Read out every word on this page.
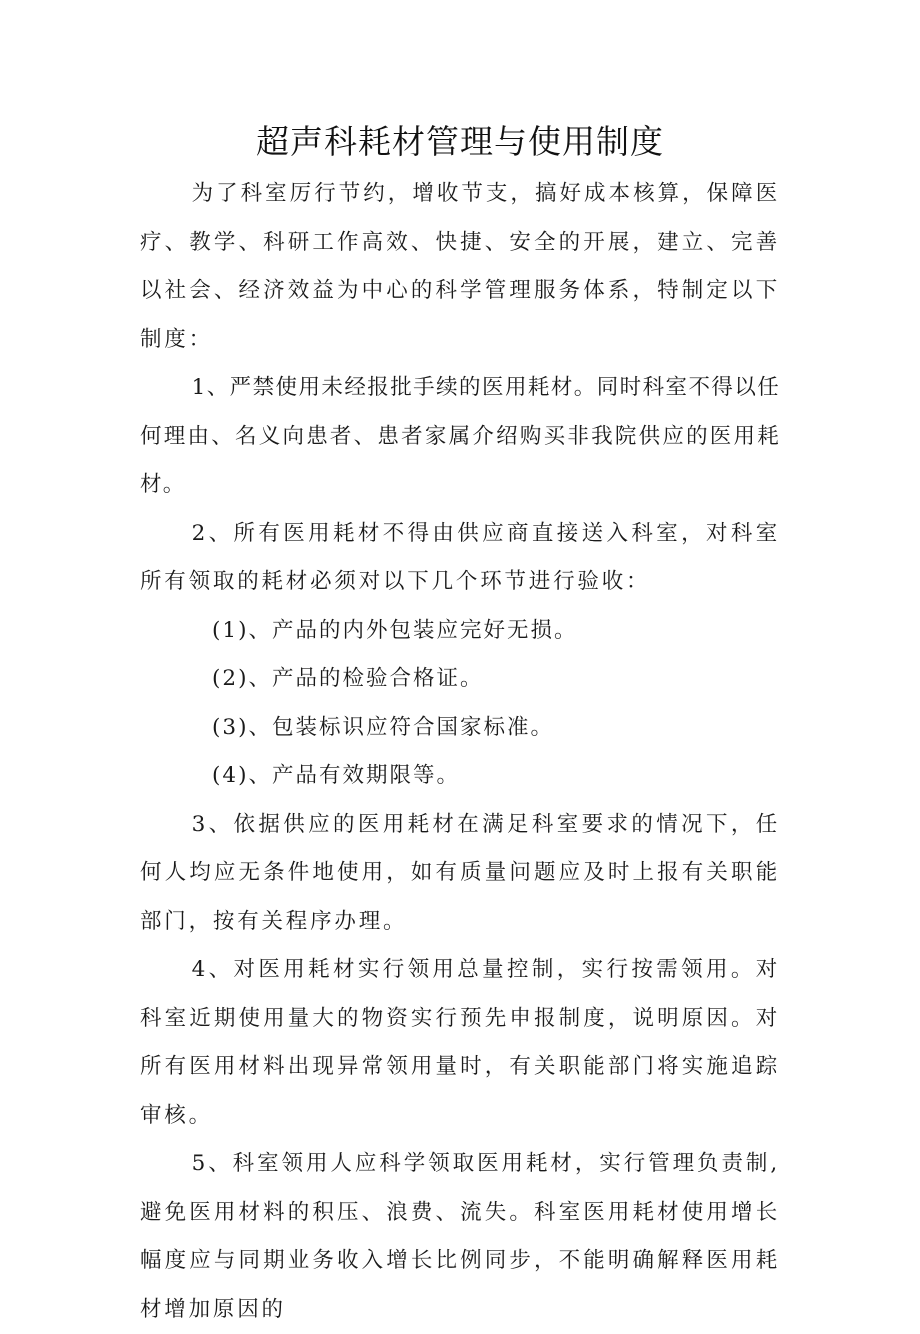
超声科耗材管理与使用制度

为了科室厉行节约，增收节支，搞好成本核算，保障医疗、教学、科研工作高效、快捷、安全的开展，建立、完善以社会、经济效益为中心的科学管理服务体系，特制定以下制度：

1、严禁使用未经报批手续的医用耗材。同时科室不得以任何理由、名义向患者、患者家属介绍购买非我院供应的医用耗材。

2、所有医用耗材不得由供应商直接送入科室，对科室所有领取的耗材必须对以下几个环节进行验收：

(1)、产品的内外包装应完好无损。

(2)、产品的检验合格证。

(3)、包装标识应符合国家标准。

(4)、产品有效期限等。

3、依据供应的医用耗材在满足科室要求的情况下，任何人均应无条件地使用，如有质量问题应及时上报有关职能部门，按有关程序办理。

4、对医用耗材实行领用总量控制，实行按需领用。对科室近期使用量大的物资实行预先申报制度，说明原因。对所有医用材料出现异常领用量时，有关职能部门将实施追踪审核。

5、科室领用人应科学领取医用耗材，实行管理负责制,避免医用材料的积压、浪费、流失。科室医用耗材使用增长幅度应与同期业务收入增长比例同步，不能明确解释医用耗材增加原因的
